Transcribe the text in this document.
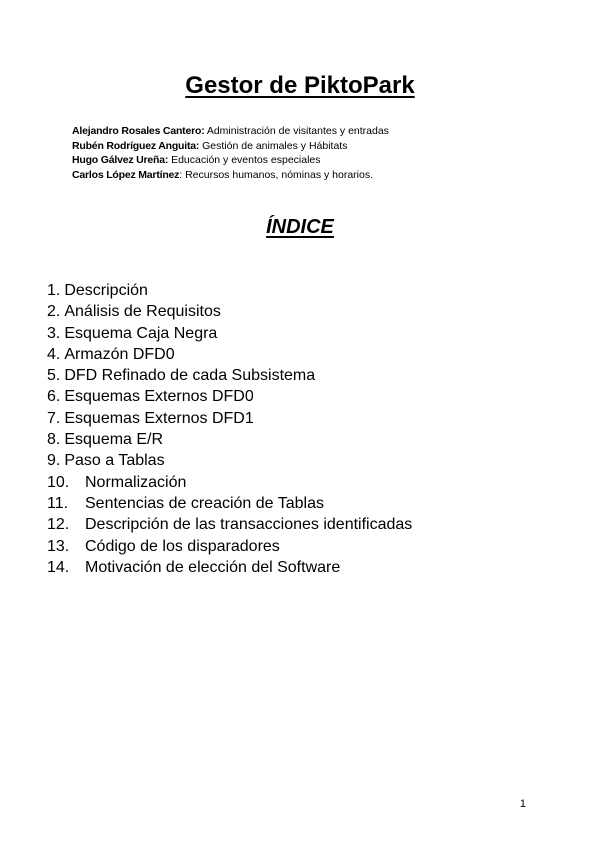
Gestor de PiktoPark
Alejandro Rosales Cantero: Administración de visitantes y entradas
Rubén Rodríguez Anguita: Gestión de animales y Hábitats
Hugo Gálvez Ureña: Educación y eventos especiales
Carlos López Martínez: Recursos humanos, nóminas y horarios.
ÍNDICE
1. Descripción
2. Análisis de Requisitos
3. Esquema Caja Negra
4. Armazón DFD0
5. DFD Refinado de cada Subsistema
6. Esquemas Externos DFD0
7. Esquemas Externos DFD1
8. Esquema E/R
9. Paso a Tablas
10. Normalización
11. Sentencias de creación de Tablas
12. Descripción de las transacciones identificadas
13. Código de los disparadores
14. Motivación de elección del Software
1
